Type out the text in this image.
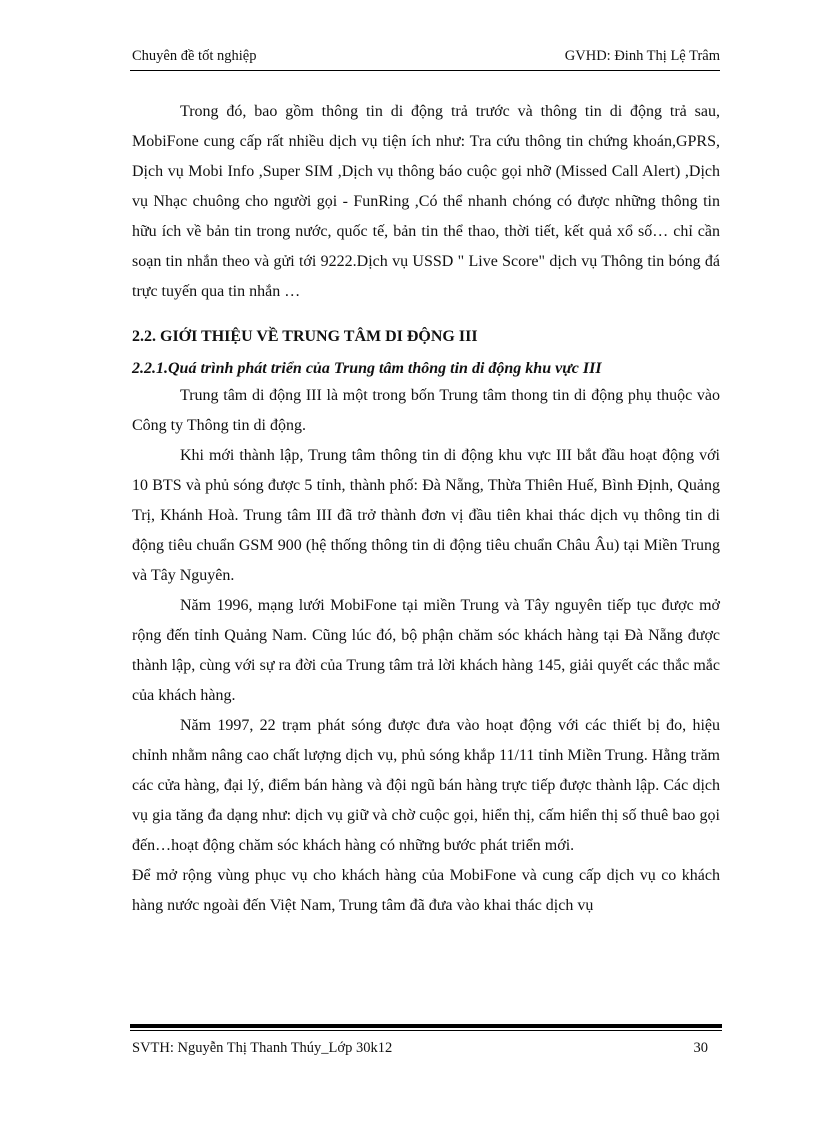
Chuyên đề tốt nghiệp	GVHD: Đinh Thị Lệ Trâm

Trong đó, bao gồm thông tin di động trả trước và thông tin di động trả sau, MobiFone cung cấp rất nhiều dịch vụ tiện ích như: Tra cứu thông tin chứng khoán,GPRS, Dịch vụ Mobi Info ,Super SIM ,Dịch vụ thông báo cuộc gọi nhỡ (Missed Call Alert) ,Dịch vụ Nhạc chuông cho người gọi - FunRing ,Có thể nhanh chóng có được những thông tin hữu ích về bản tin trong nước, quốc tế, bản tin thể thao, thời tiết, kết quả xổ số… chỉ cần soạn tin nhắn theo và gửi tới 9222.Dịch vụ USSD " Live Score" dịch vụ Thông tin bóng đá trực tuyến qua tin nhắn …

2.2. GIỚI THIỆU VỀ TRUNG TÂM DI ĐỘNG III

2.2.1.Quá trình phát triển của Trung tâm thông tin di động khu vực III

Trung tâm di động III là một trong bốn Trung tâm thong tin di động phụ thuộc vào Công ty Thông tin di động.

Khi mới thành lập, Trung tâm thông tin di động khu vực III bắt đầu hoạt động với 10 BTS và phủ sóng được 5 tỉnh, thành phố: Đà Nẵng, Thừa Thiên Huế, Bình Định, Quảng Trị, Khánh Hoà. Trung tâm III đã trở thành đơn vị đầu tiên khai thác dịch vụ thông tin di động tiêu chuẩn GSM 900 (hệ thống thông tin di động tiêu chuẩn Châu Âu) tại Miền Trung và Tây Nguyên.

Năm 1996, mạng lưới MobiFone tại miền Trung và Tây nguyên tiếp tục được mở rộng đến tỉnh Quảng Nam. Cũng lúc đó, bộ phận chăm sóc khách hàng tại Đà Nẵng được thành lập, cùng với sự ra đời của Trung tâm trả lời khách hàng 145, giải quyết các thắc mắc của khách hàng.

Năm 1997, 22 trạm phát sóng được đưa vào hoạt động với các thiết bị đo, hiệu chỉnh nhằm nâng cao chất lượng dịch vụ, phủ sóng khắp 11/11 tỉnh Miền Trung. Hằng trăm các cửa hàng, đại lý, điểm bán hàng và đội ngũ bán hàng trực tiếp được thành lập. Các dịch vụ gia tăng đa dạng như: dịch vụ giữ và chờ cuộc gọi, hiển thị, cấm hiển thị số thuê bao gọi đến…hoạt động chăm sóc khách hàng có những bước phát triển mới.

Để mở rộng vùng phục vụ cho khách hàng của MobiFone và cung cấp dịch vụ co khách hàng nước ngoài đến Việt Nam, Trung tâm đã đưa vào khai thác dịch vụ

SVTH: Nguyễn Thị Thanh Thúy_Lớp 30k12	30
